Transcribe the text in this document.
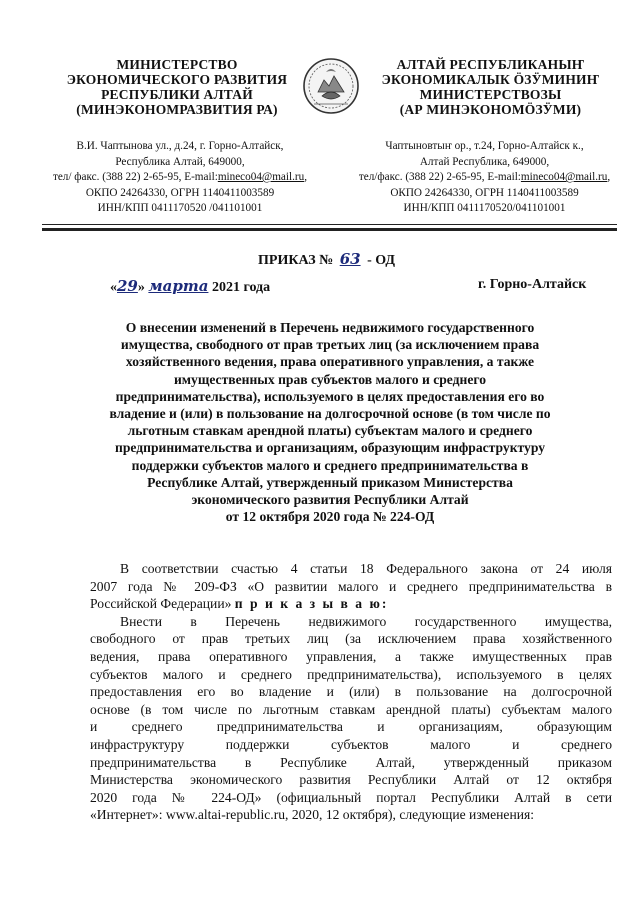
МИНИСТЕРСТВО
ЭКОНОМИЧЕСКОГО РАЗВИТИЯ
РЕСПУБЛИКИ АЛТАЙ
(МИНЭКОНОМРАЗВИТИЯ РА)
АЛТАЙ РЕСПУБЛИКАНЫҤ
ЭКОНОМИКАЛЫК ÖЗӰМИНИҤ
МИНИСТЕРСТВОЗЫ
(АР МИНЭКОНОМÖЗӰМИ)
В.И. Чаптынова ул., д.24, г. Горно-Алтайск,
Республика Алтай, 649000,
тел/ факс. (388 22) 2-65-95, E-mail:mineco04@mail.ru,
ОКПО 24264330, ОГРН 1140411003589
ИНН/КПП 0411170520 /041101001
Чаптыновтыҥ ор., т.24, Горно-Алтайск к.,
Алтай Республика, 649000,
тел/факс. (388 22) 2-65-95, E-mail:mineco04@mail.ru,
ОКПО 24264330, ОГРН 1140411003589
ИНН/КПП 0411170520/041101001
ПРИКАЗ № 63 - ОД
«29» марта 2021 года	г. Горно-Алтайск
О внесении изменений в Перечень недвижимого государственного
имущества, свободного от прав третьих лиц (за исключением права
хозяйственного ведения, права оперативного управления, а также
имущественных прав субъектов малого и среднего
предпринимательства), используемого в целях предоставления его во
владение и (или) в пользование на долгосрочной основе (в том числе по
льготным ставкам арендной платы) субъектам малого и среднего
предпринимательства и организациям, образующим инфраструктуру
поддержки субъектов малого и среднего предпринимательства в
Республике Алтай, утвержденный приказом Министерства
экономического развития Республики Алтай
от 12 октября 2020 года № 224-ОД
В соответствии счастью 4 статьи 18 Федерального закона от 24 июля
2007 года № 209-ФЗ «О развитии малого и среднего предпринимательства в
Российской Федерации» п р и к а з ы в а ю:
Внести в Перечень недвижимого государственного имущества,
свободного от прав третьих лиц (за исключением права хозяйственного
ведения, права оперативного управления, а также имущественных прав
субъектов малого и среднего предпринимательства), используемого в целях
предоставления его во владение и (или) в пользование на долгосрочной
основе (в том числе по льготным ставкам арендной платы) субъектам малого
и среднего предпринимательства и организациям, образующим
инфраструктуру поддержки субъектов малого и среднего
предпринимательства в Республике Алтай, утвержденный приказом
Министерства экономического развития Республики Алтай от 12 октября
2020 года № 224-ОД» (официальный портал Республики Алтай в сети
«Интернет»: www.altai-republic.ru, 2020, 12 октября), следующие изменения:
